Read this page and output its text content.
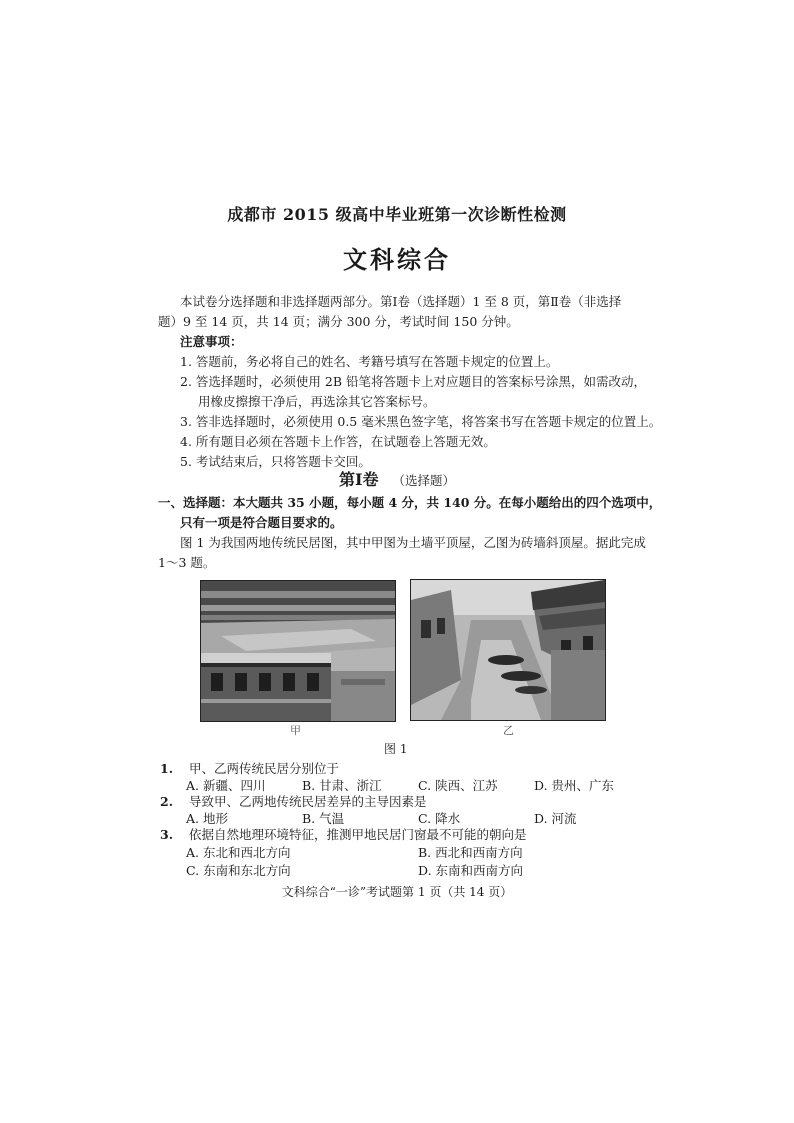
成都市 2015 级高中毕业班第一次诊断性检测
文科综合
本试卷分选择题和非选择题两部分。第Ⅰ卷（选择题）1 至 8 页，第Ⅱ卷（非选择
题）9 至 14 页，共 14 页；满分 300 分，考试时间 150 分钟。
注意事项：
1. 答题前，务必将自己的姓名、考籍号填写在答题卡规定的位置上。
2. 答选择题时，必须使用 2B 铅笔将答题卡上对应题目的答案标号涂黑，如需改动，
用橡皮擦擦干净后，再选涂其它答案标号。
3. 答非选择题时，必须使用 0.5 毫米黑色签字笔，将答案书写在答题卡规定的位置上。
4. 所有题目必须在答题卡上作答，在试题卷上答题无效。
5. 考试结束后，只将答题卡交回。
第Ⅰ卷 （选择题）
一、选择题：本大题共 35 小题，每小题 4 分，共 140 分。在每小题给出的四个选项中，
只有一项是符合题目要求的。
图 1 为我国两地传统民居图，其中甲图为土墙平顶屋，乙图为砖墙斜顶屋。据此完成
1～3 题。
甲	乙
图 1
1. 甲、乙两传统民居分别位于
A. 新疆、四川	B. 甘肃、浙江	C. 陕西、江苏	D. 贵州、广东
2. 导致甲、乙两地传统民居差异的主导因素是
A. 地形	B. 气温	C. 降水	D. 河流
3. 依据自然地理环境特征，推测甲地民居门窗最不可能的朝向是
A. 东北和西北方向	B. 西北和西南方向
C. 东南和东北方向	D. 东南和西南方向
文科综合“一诊”考试题第 1 页（共 14 页）
